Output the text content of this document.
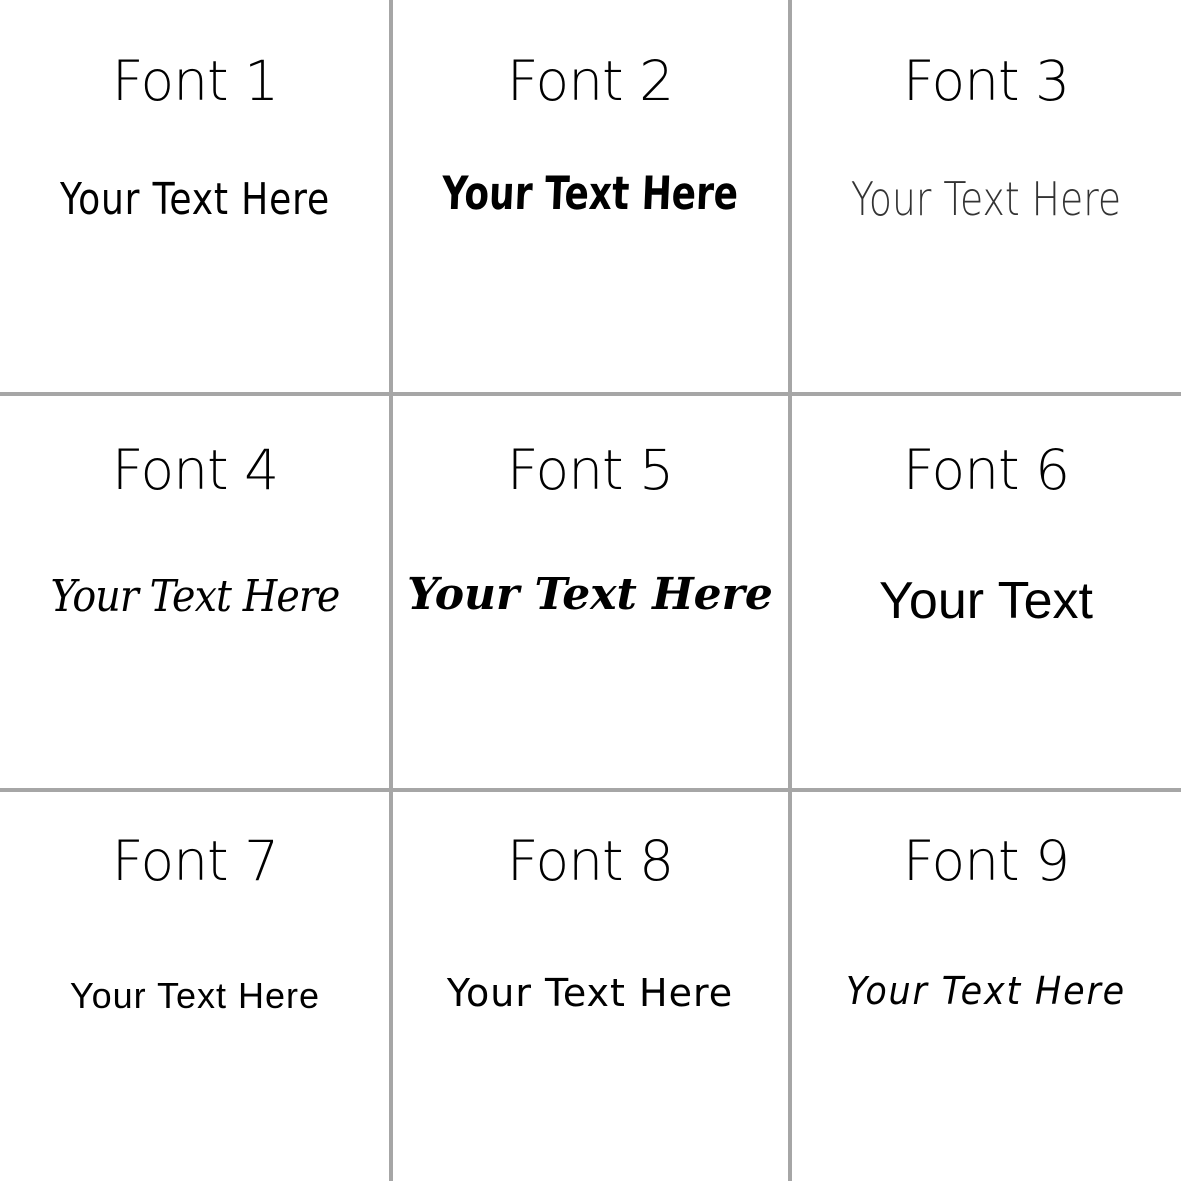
Font 1
Your Text Here
Font 2
Your Text Here
Font 3
Your Text Here
Font 4
Your Text Here
Font 5
Your Text Here
Font 6
Your Text
Font 7
Your Text Here
Font 8
Your Text Here
Font 9
Your Text Here
